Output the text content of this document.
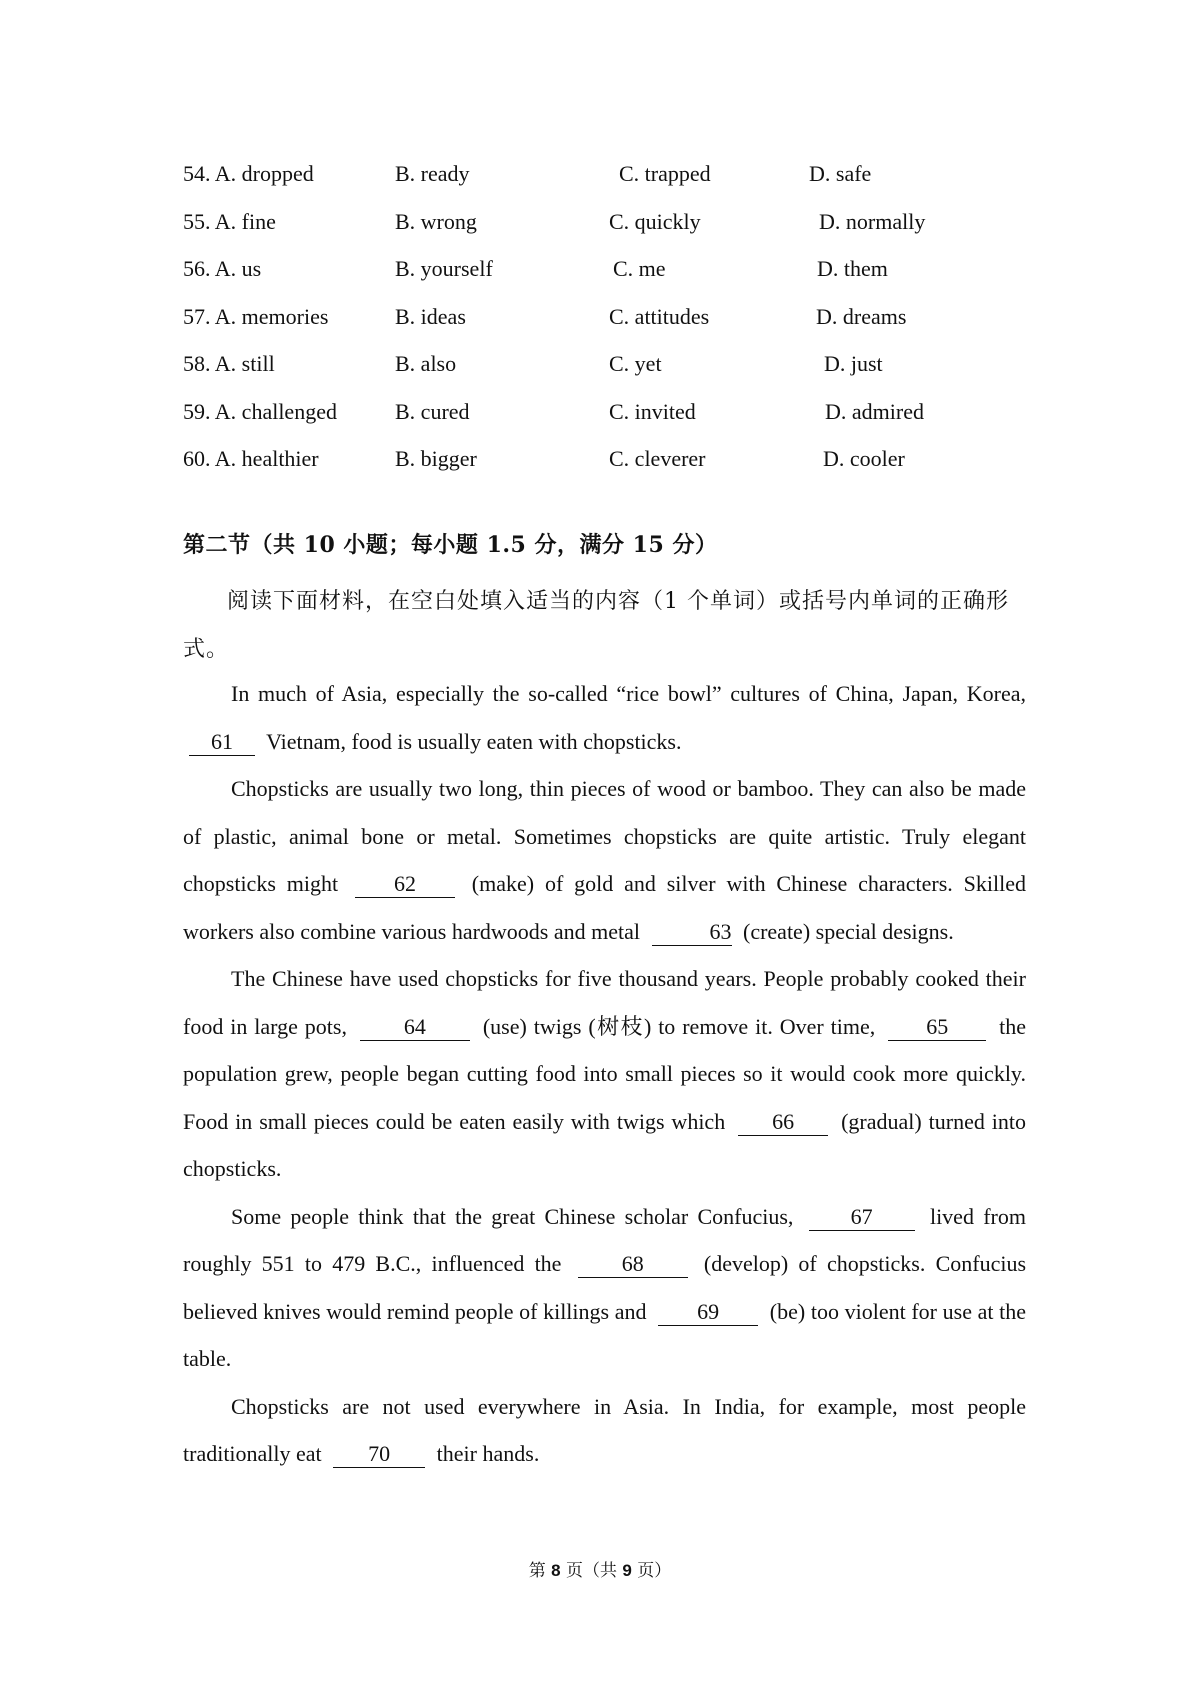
54. A. dropped	B. ready	C. trapped	D. safe
55. A. fine	B. wrong	C. quickly	D. normally
56. A. us	B. yourself	C. me	D. them
57. A. memories	B. ideas	C. attitudes	D. dreams
58. A. still	B. also	C. yet	D. just
59. A. challenged	B. cured	C. invited	D. admired
60. A. healthier	B. bigger	C. cleverer	D. cooler
第二节（共 10 小题；每小题 1.5 分，满分 15 分）
阅读下面材料，在空白处填入适当的内容（1 个单词）或括号内单词的正确形式。

In much of Asia, especially the so-called “rice bowl” cultures of China, Japan, Korea, 61 Vietnam, food is usually eaten with chopsticks.

Chopsticks are usually two long, thin pieces of wood or bamboo. They can also be made of plastic, animal bone or metal. Sometimes chopsticks are quite artistic. Truly elegant chopsticks might	62	(make) of gold and silver with Chinese characters. Skilled workers also combine various hardwoods and metal	63 (create) special designs.

The Chinese have used chopsticks for five thousand years. People probably cooked their food in large pots,	64	(use) twigs (树枝) to remove it. Over time, 65 the population grew, people began cutting food into small pieces so it would cook more quickly. Food in small pieces could be eaten easily with twigs which 66 (gradual) turned into chopsticks.

Some people think that the great Chinese scholar Confucius,	67	lived from roughly 551 to 479 B.C., influenced the	68	(develop) of chopsticks. Confucius believed knives would remind people of killings and 69 (be) too violent for use at the table.

Chopsticks are not used everywhere in Asia. In India, for example, most people traditionally eat 70 their hands.

第 8 页（共 9 页）
